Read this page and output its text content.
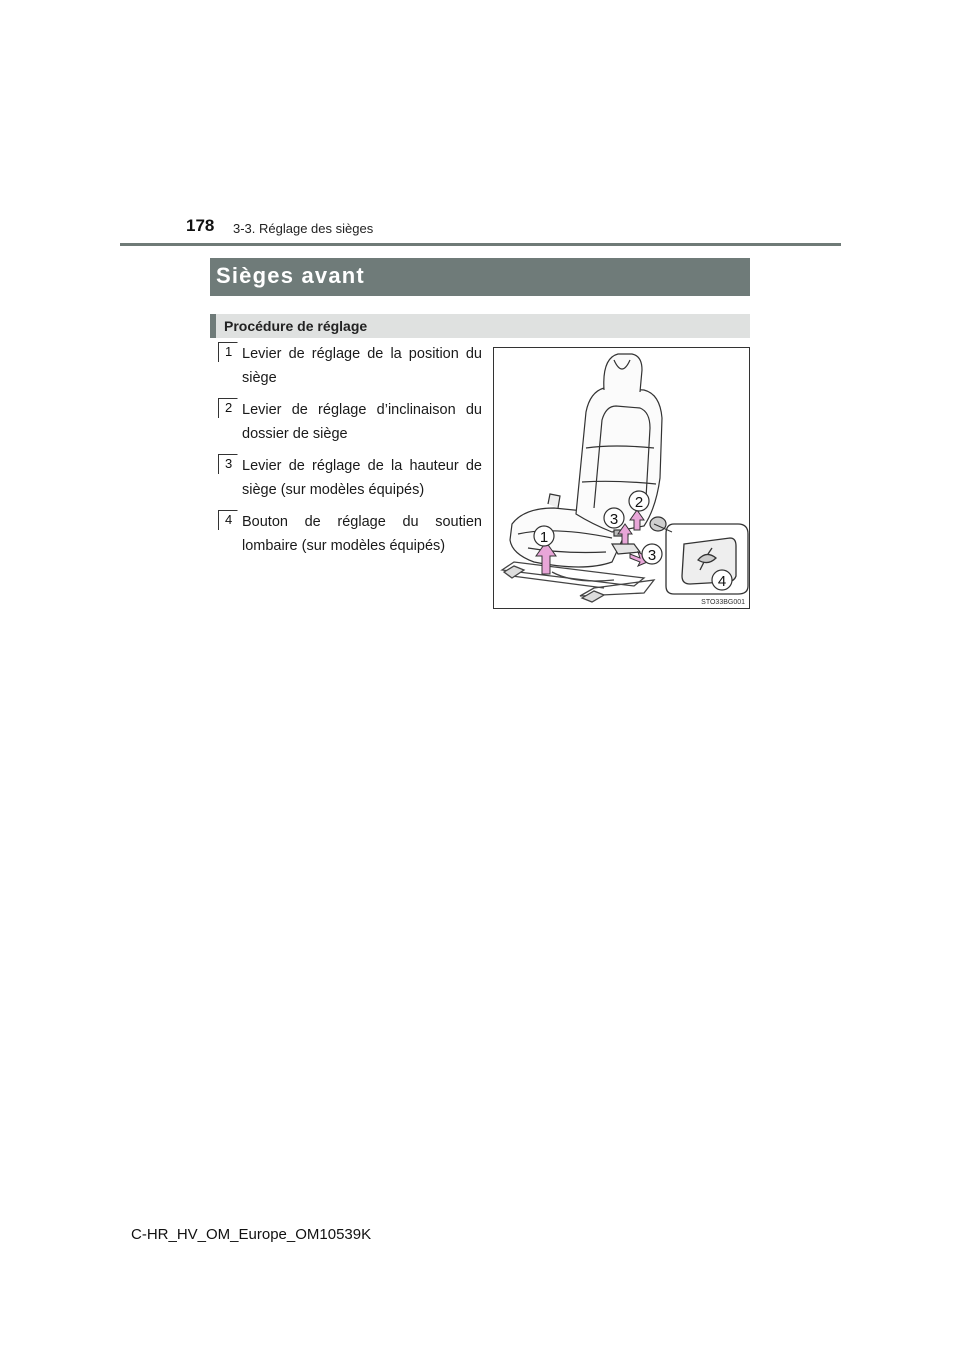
178 3-3. Réglage des sièges
Sièges avant
Procédure de réglage
1 Levier de réglage de la position du siège
2 Levier de réglage d’inclinaison du dossier de siège
3 Levier de réglage de la hauteur de siège (sur modèles équipés)
4 Bouton de réglage du soutien lombaire (sur modèles équipés)	1
2
3
3
4
STO33BG001
C-HR_HV_OM_Europe_OM10539K
